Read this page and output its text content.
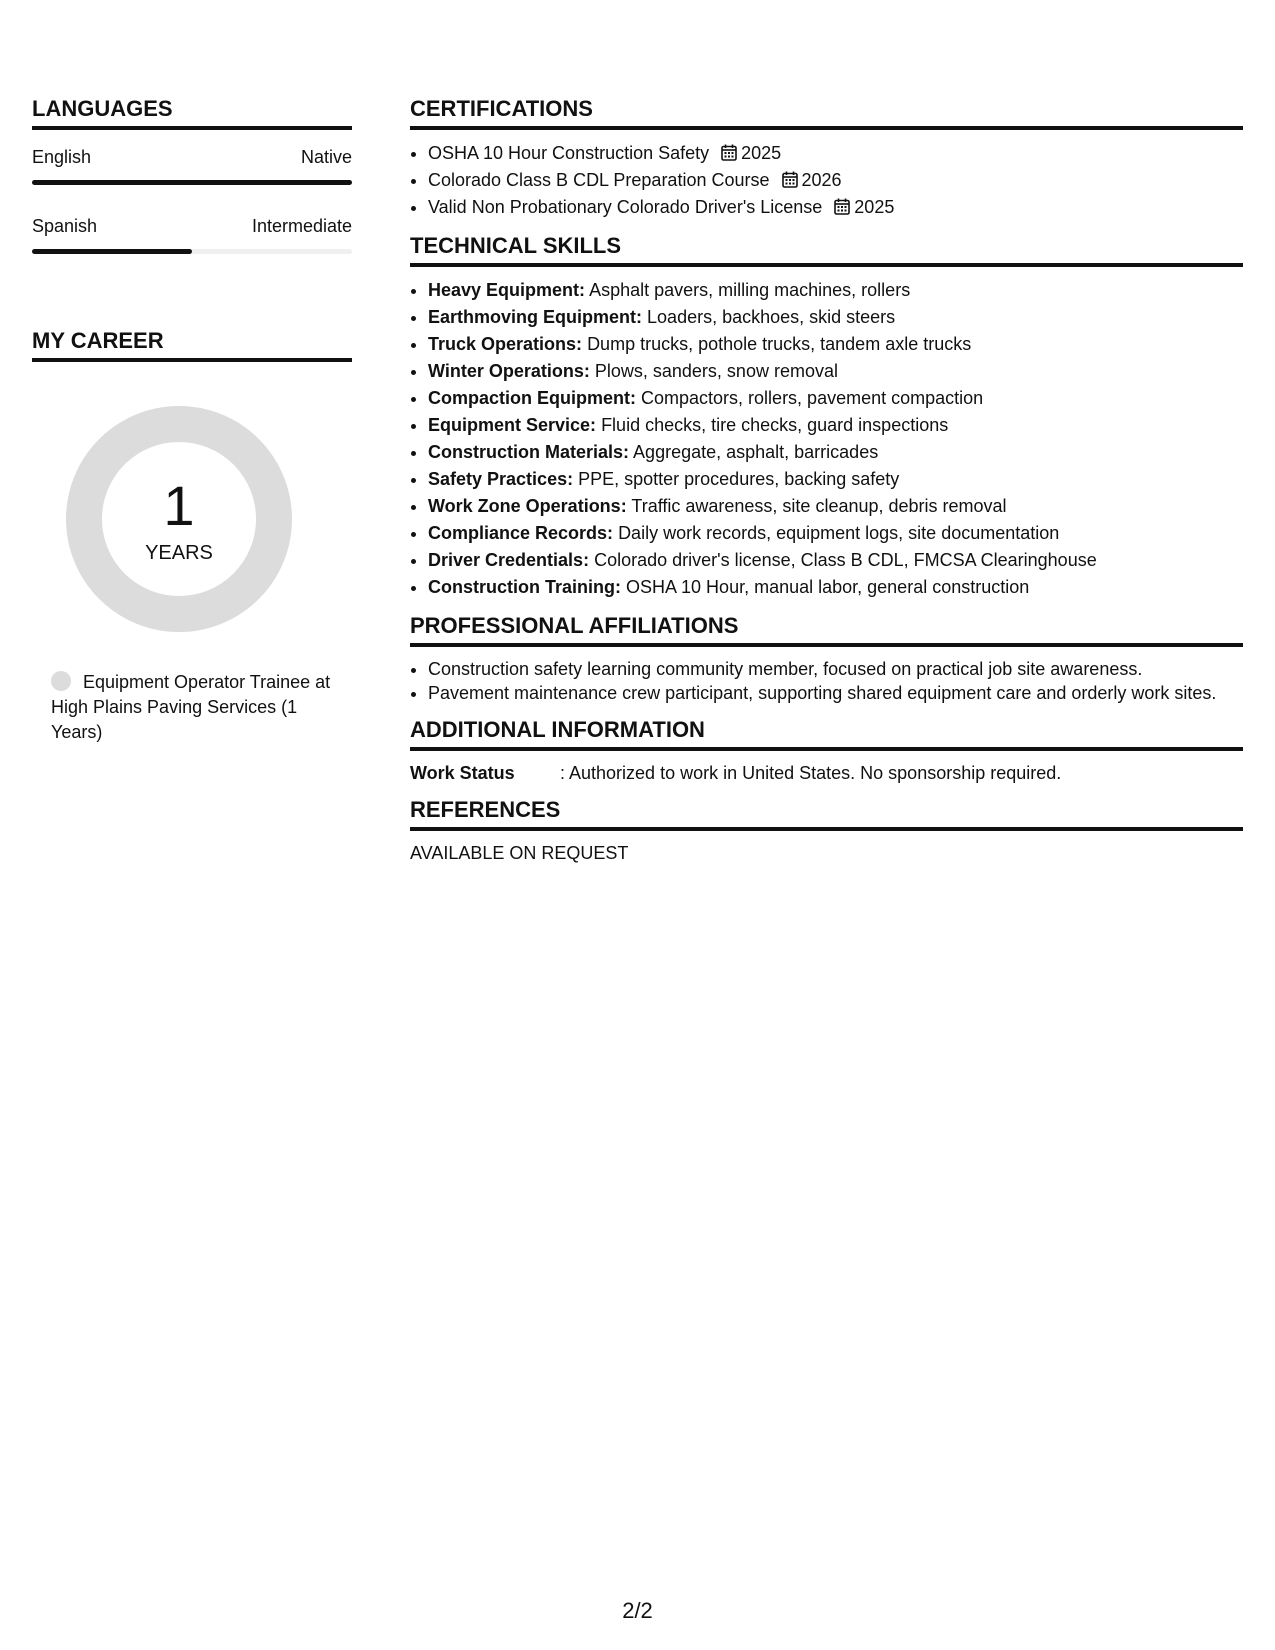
LANGUAGES
English	Native
Spanish	Intermediate
MY CAREER
1
YEARS
Equipment Operator Trainee at High Plains Paving Services (1 Years)
CERTIFICATIONS
• OSHA 10 Hour Construction Safety 2025
• Colorado Class B CDL Preparation Course 2026
• Valid Non Probationary Colorado Driver's License 2025
TECHNICAL SKILLS
• Heavy Equipment: Asphalt pavers, milling machines, rollers
• Earthmoving Equipment: Loaders, backhoes, skid steers
• Truck Operations: Dump trucks, pothole trucks, tandem axle trucks
• Winter Operations: Plows, sanders, snow removal
• Compaction Equipment: Compactors, rollers, pavement compaction
• Equipment Service: Fluid checks, tire checks, guard inspections
• Construction Materials: Aggregate, asphalt, barricades
• Safety Practices: PPE, spotter procedures, backing safety
• Work Zone Operations: Traffic awareness, site cleanup, debris removal
• Compliance Records: Daily work records, equipment logs, site documentation
• Driver Credentials: Colorado driver's license, Class B CDL, FMCSA Clearinghouse
• Construction Training: OSHA 10 Hour, manual labor, general construction
PROFESSIONAL AFFILIATIONS
• Construction safety learning community member, focused on practical job site awareness.
• Pavement maintenance crew participant, supporting shared equipment care and orderly work sites.
ADDITIONAL INFORMATION
Work Status	: Authorized to work in United States. No sponsorship required.
REFERENCES
AVAILABLE ON REQUEST
2/2
